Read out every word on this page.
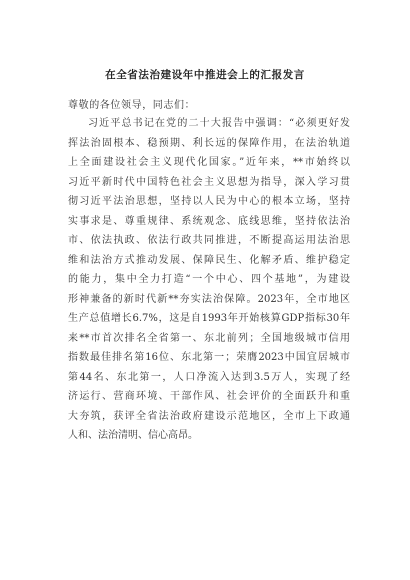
在全省法治建设年中推进会上的汇报发言
尊敬的各位领导，同志们：
习近平总书记在党的二十大报告中强调：“必须更好发
挥法治固根本、稳预期、利长远的保障作用，在法治轨道
上全面建设社会主义现代化国家。”近年来，**市始终以
习近平新时代中国特色社会主义思想为指导，深入学习贯
彻习近平法治思想，坚持以人民为中心的根本立场，坚持
实事求是、尊重规律、系统观念、底线思维，坚持依法治
市、依法执政、依法行政共同推进，不断提高运用法治思
维和法治方式推动发展、保障民生、化解矛盾、维护稳定
的能力，集中全力打造“一个中心、四个基地”，为建设
形神兼备的新时代新**夯实法治保障。2023年，全市地区
生产总值增长6.7%，这是自1993年开始核算GDP指标30年
来**市首次排名全省第一、东北前列；全国地级城市信用
指数最佳排名第16位、东北第一；荣膺2023中国宜居城市
第44名、东北第一，人口净流入达到3.5万人，实现了经
济运行、营商环境、干部作风、社会评价的全面跃升和重
大夯筑，获评全省法治政府建设示范地区，全市上下政通
人和、法治清明、信心高昂。
